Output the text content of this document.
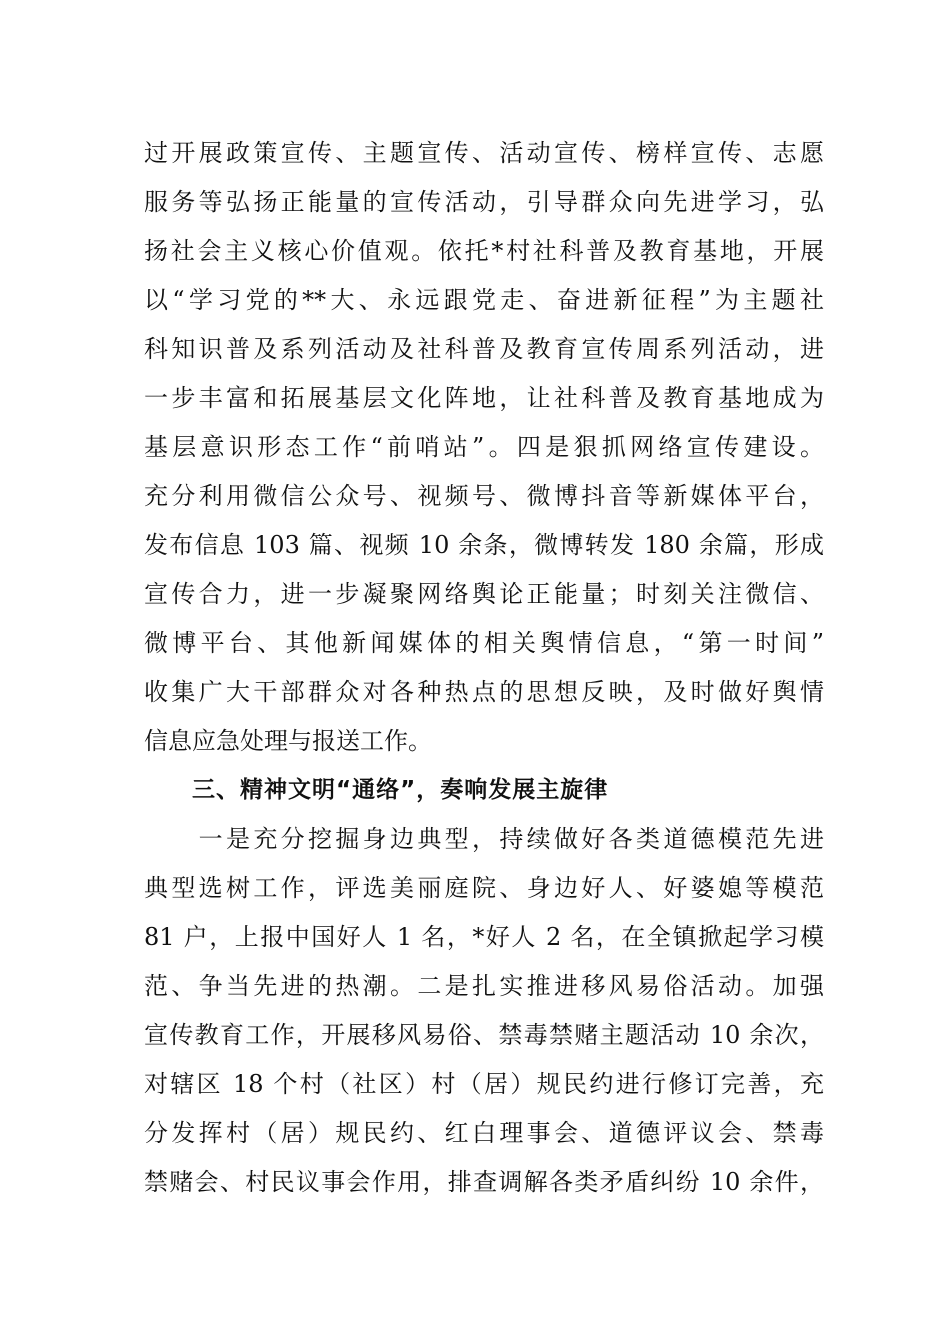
过开展政策宣传、主题宣传、活动宣传、榜样宣传、志愿
服务等弘扬正能量的宣传活动，引导群众向先进学习，弘
扬社会主义核心价值观。依托*村社科普及教育基地，开展
以“学习党的**大、永远跟党走、奋进新征程”为主题社
科知识普及系列活动及社科普及教育宣传周系列活动，进
一步丰富和拓展基层文化阵地，让社科普及教育基地成为
基层意识形态工作“前哨站”。四是狠抓网络宣传建设。
充分利用微信公众号、视频号、微博抖音等新媒体平台，
发布信息 103 篇、视频 10 余条，微博转发 180 余篇，形成
宣传合力，进一步凝聚网络舆论正能量；时刻关注微信、
微博平台、其他新闻媒体的相关舆情信息，“第一时间”
收集广大干部群众对各种热点的思想反映，及时做好舆情
信息应急处理与报送工作。
三、精神文明“通络”，奏响发展主旋律
　　一是充分挖掘身边典型，持续做好各类道德模范先进
典型选树工作，评选美丽庭院、身边好人、好婆媳等模范
81 户，上报中国好人 1 名，*好人 2 名，在全镇掀起学习模
范、争当先进的热潮。二是扎实推进移风易俗活动。加强
宣传教育工作，开展移风易俗、禁毒禁赌主题活动 10 余次，
对辖区 18 个村（社区）村（居）规民约进行修订完善，充
分发挥村（居）规民约、红白理事会、道德评议会、禁毒
禁赌会、村民议事会作用，排查调解各类矛盾纠纷 10 余件，
